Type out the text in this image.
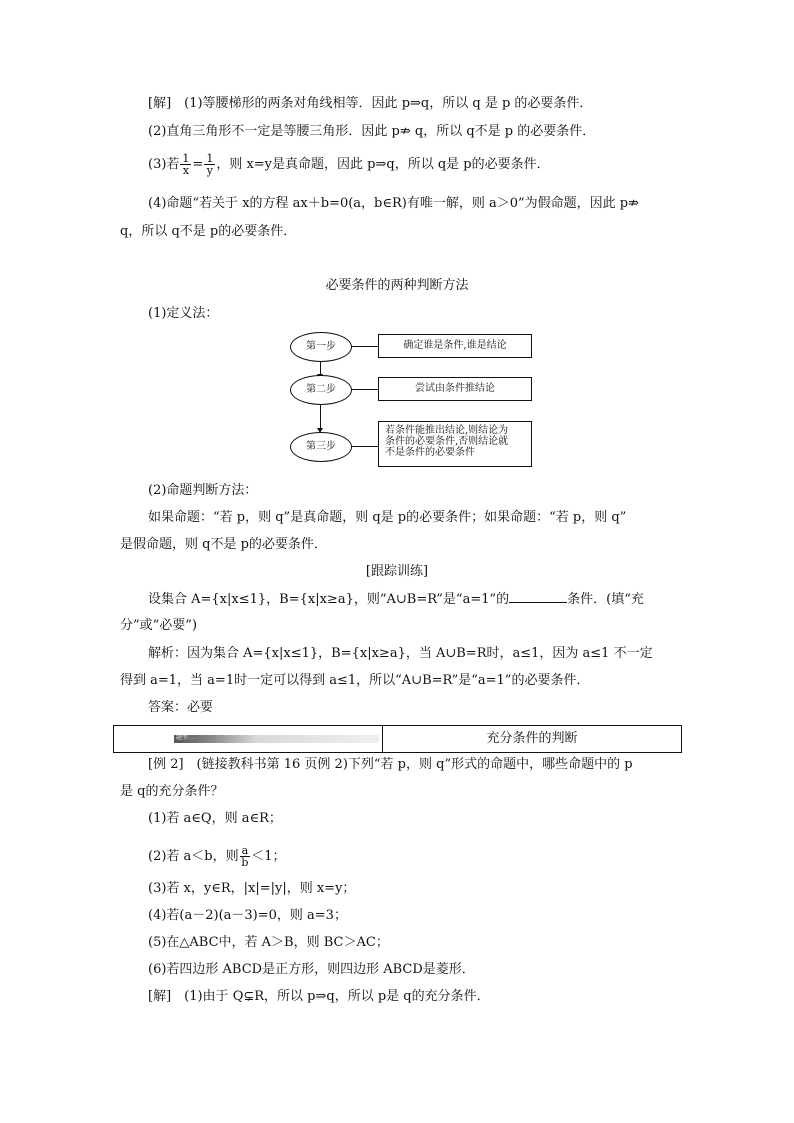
[解]　(1)等腰梯形的两条对角线相等．因此 p⇒q，所以 q 是 p 的必要条件．
(2)直角三角形不一定是等腰三角形．因此 p⇏ q，所以 q不是 p 的必要条件．
(3)若 $\frac{1}{x} = \frac{1}{y}$ ，则 x=y是真命题，因此 p⇒q，所以 q是 p的必要条件．
(4)命题“若关于 x的方程 ax＋b=0(a，b∈R)有唯一解，则 a＞0”为假命题，因此 p⇏
q，所以 q不是 p的必要条件．
必要条件的两种判断方法
(1)定义法：
第一步	确定谁是条件,谁是结论
第二步	尝试由条件推结论
第三步
若条件能推出结论,则结论为
条件的必要条件,否则结论就
不是条件的必要条件
(2)命题判断方法：
如果命题：“若 p，则 q”是真命题，则 q是 p的必要条件；如果命题：“若 p，则 q”
是假命题，则 q不是 p的必要条件．
[跟踪训练]
设集合 A={x|x≤1}，B={x|x≥a}，则“A∪B=R”是“a=1”的	条件．(填“充
分”或“必要”)
解析：因为集合 A={x|x≤1}，B={x|x≥a}，当 A∪B=R时，a≤1，因为 a≤1 不一定
得到 a=1，当 a=1时一定可以得到 a≤1，所以“A∪B=R”是“a=1”的必要条件．
答案：必要
题型二	充分条件的判断
[例 2]　(链接教科书第 16 页例 2)下列“若 p，则 q”形式的命题中，哪些命题中的 p
是 q的充分条件？
(1)若 a∈Q，则 a∈R；
(2)若 a＜b，则 $\frac{a}{b} <1$；
(3)若 x，y∈R，|x|=|y|，则 x=y；
(4)若(a－2)(a－3)=0，则 a=3；
(5)在△ABC中，若 A＞B，则 BC＞AC；
(6)若四边形 ABCD是正方形，则四边形 ABCD是菱形．
[解]　(1)由于 Q⊊R，所以 p⇒q，所以 p是 q的充分条件．
